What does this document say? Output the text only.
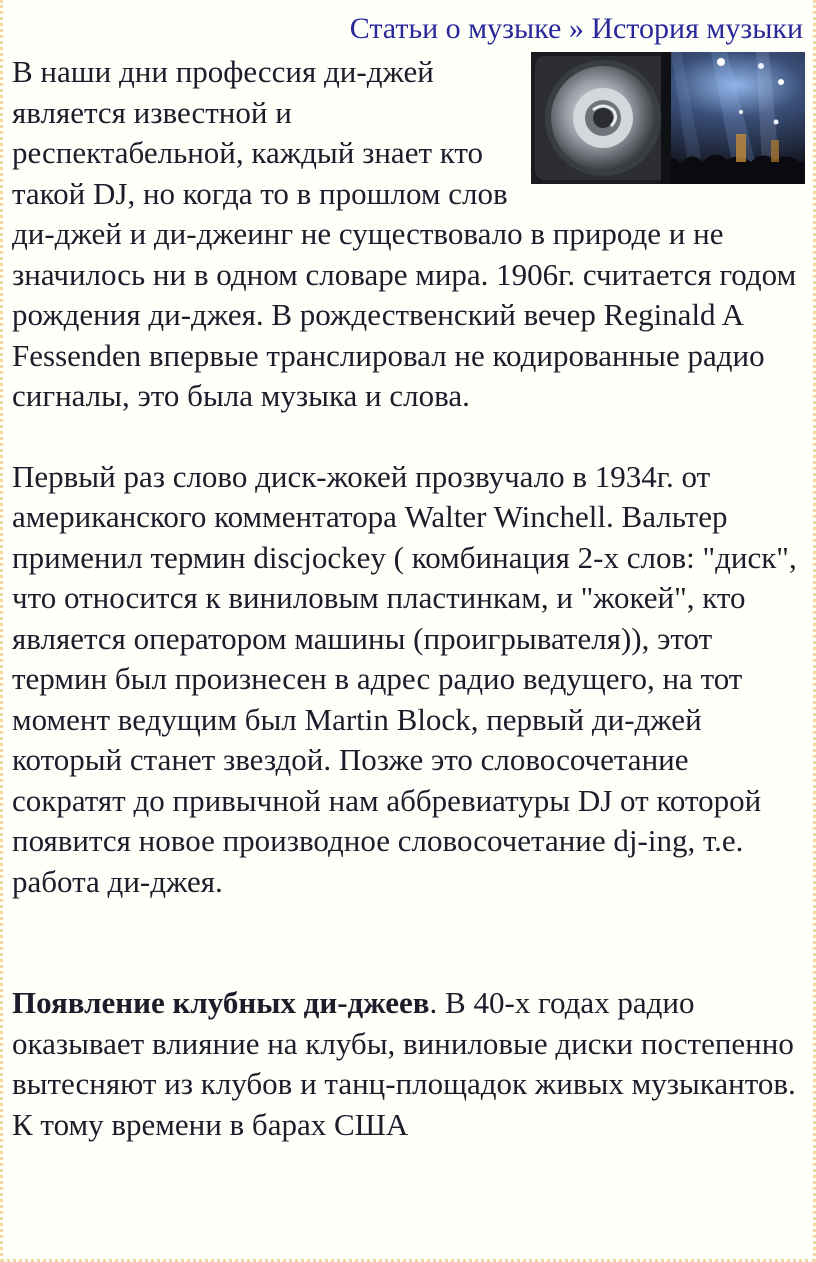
Статьи о музыке » История музыки

В наши дни профессия ди-джей является известной и респектабельной, каждый знает кто такой DJ, но когда то в прошлом слов ди-джей и ди-джеинг не существовало в природе и не значилось ни в одном словаре мира. 1906г. считается годом рождения ди-джея. В рождественский вечер Reginald A Fessenden впервые транслировал не кодированные радио сигналы, это была музыка и слова.

Первый раз слово диск-жокей прозвучало в 1934г. от американского комментатора Walter Winchell. Вальтер применил термин discjockey ( комбинация 2-х слов: "диск", что относится к виниловым пластинкам, и "жокей", кто является оператором машины (проигрывателя)), этот термин был произнесен в адрес радио ведущего, на тот момент ведущим был Martin Block, первый ди-джей который станет звездой. Позже это словосочетание сократят до привычной нам аббревиатуры DJ от которой появится новое производное словосочетание dj-ing, т.е. работа ди-джея.

Появление клубных ди-джеев. В 40-х годах радио оказывает влияние на клубы, виниловые диски постепенно вытесняют из клубов и танц-площадок живых музыкантов. К тому времени в барах США
